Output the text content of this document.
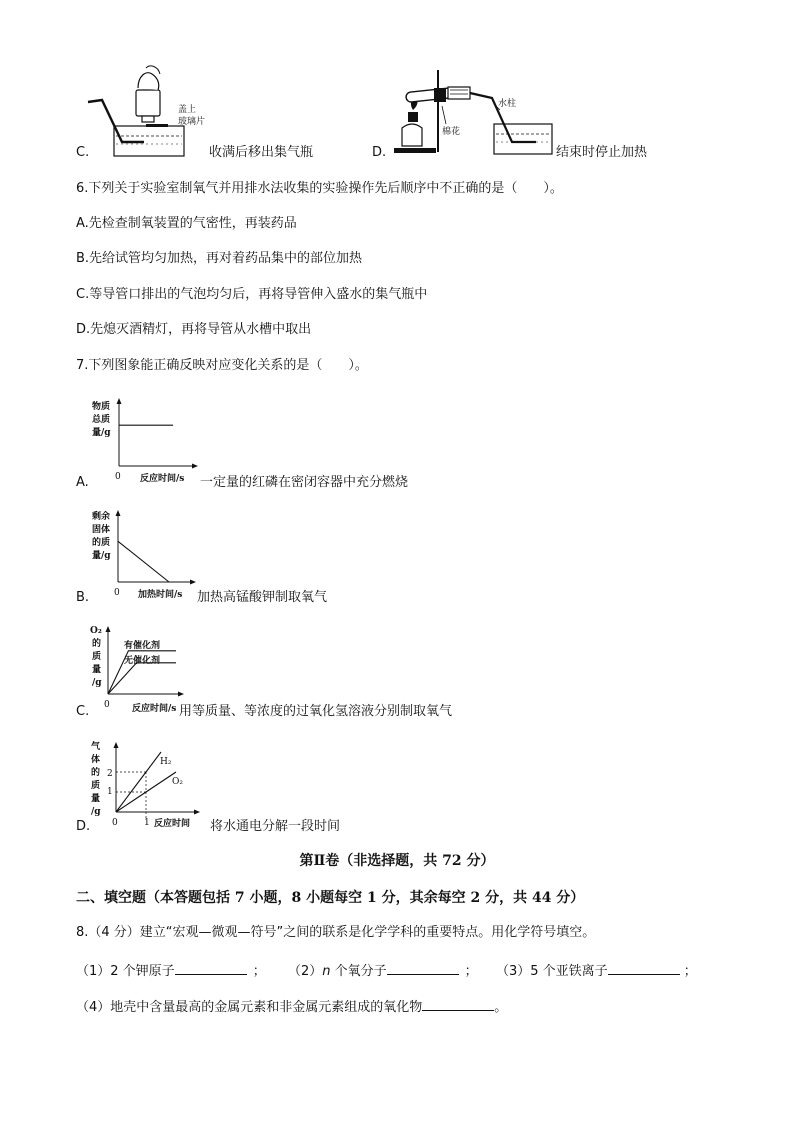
C.
盖上
玻璃片
收满后移出集气瓶	D.
棉花
水柱
结束时停止加热
6.下列关于实验室制氧气并用排水法收集的实验操作先后顺序中不正确的是（　　）。
A.先检查制氧装置的气密性，再装药品
B.先给试管均匀加热，再对着药品集中的部位加热
C.等导管口排出的气泡均匀后，再将导管伸入盛水的集气瓶中
D.先熄灭酒精灯，再将导管从水槽中取出
7.下列图象能正确反映对应变化关系的是（　　）。
A.
物质
总质
量/g
0 反应时间/s 一定量的红磷在密闭容器中充分燃烧
B.
剩余
固体
的质
量/g
0 加热时间/s 加热高锰酸钾制取氧气
C.
O₂
的
质
量
/g
有催化剂
无催化剂
0 反应时间/s 用等质量、等浓度的过氧化氢溶液分别制取氧气
D.
气
体
的
质
量
/g
2
1
0	1 反应时间
H₂
O₂
将水通电分解一段时间
第Ⅱ卷（非选择题，共 72 分）
二、填空题（本答题包括 7 小题，8 小题每空 1 分，其余每空 2 分，共 44 分）
8.（4 分）建立“宏观—微观—符号”之间的联系是化学学科的重要特点。用化学符号填空。
（1）2 个钾原子	； （2）n 个氧分子	； （3）5 个亚铁离子	；
（4）地壳中含量最高的金属元素和非金属元素组成的氧化物	。
